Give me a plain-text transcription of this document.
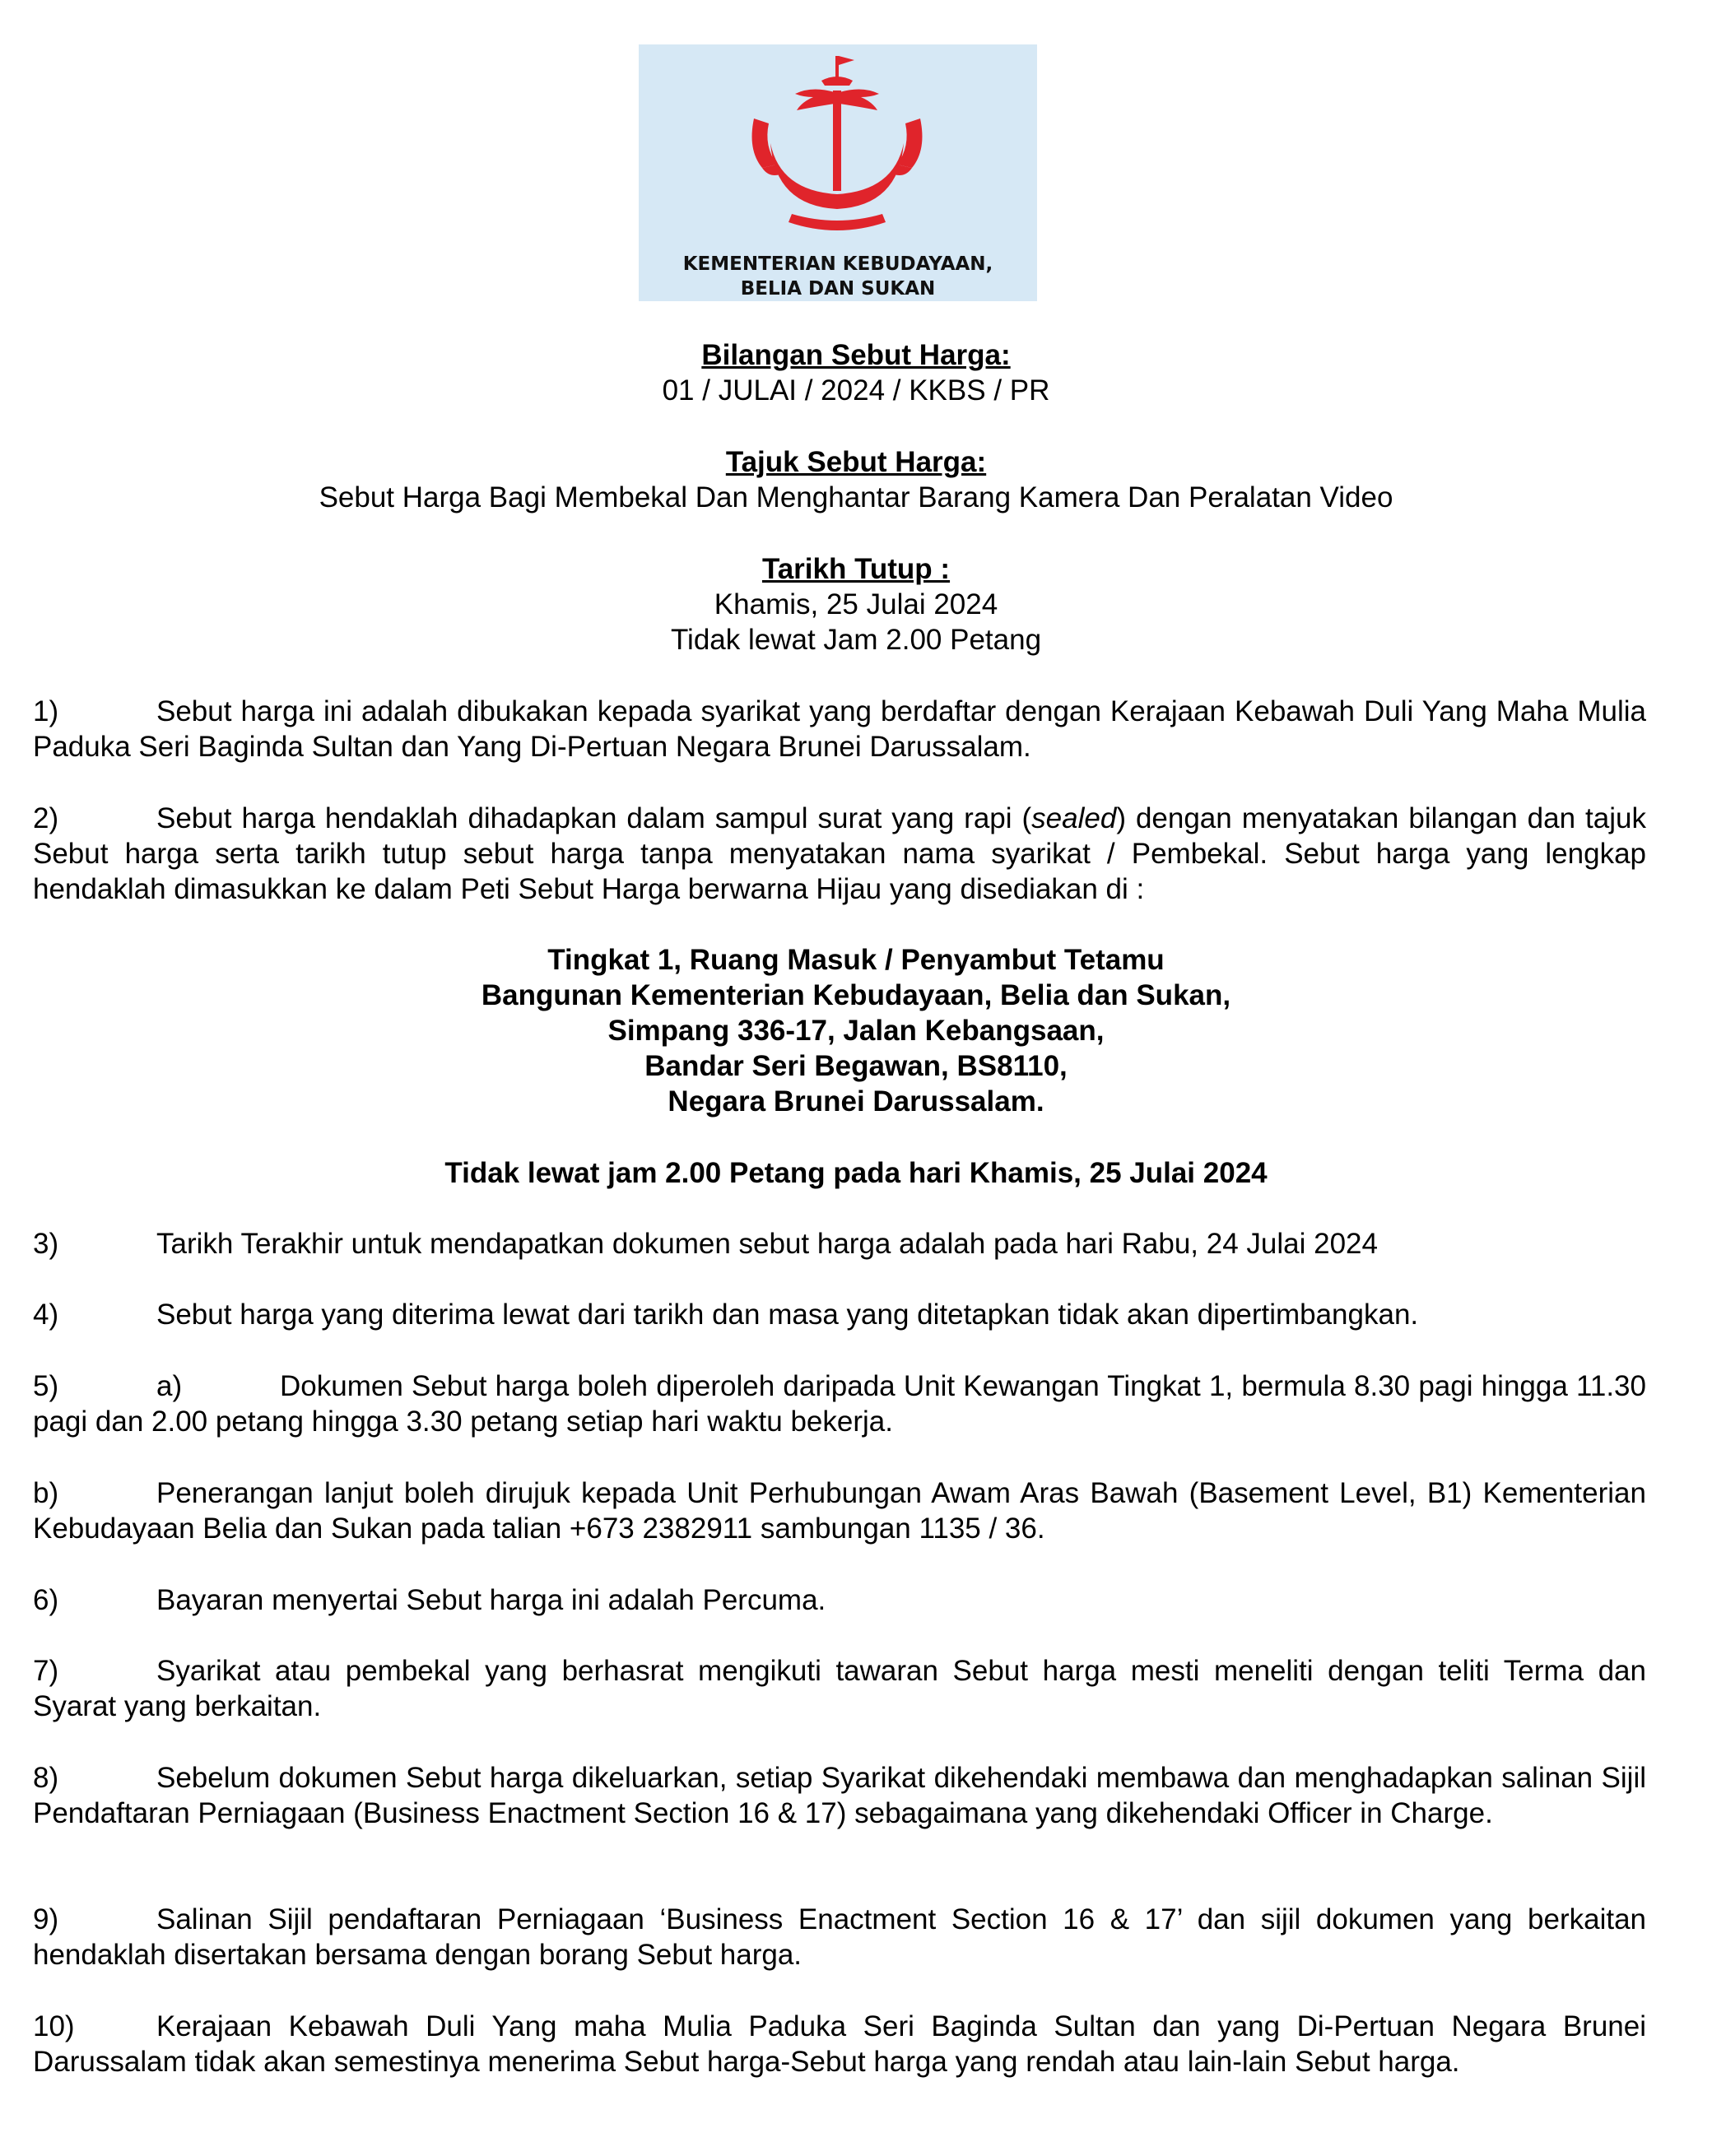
KEMENTERIAN KEBUDAYAAN,
BELIA DAN SUKAN
Bilangan Sebut Harga:
01 / JULAI / 2024 / KKBS / PR
Tajuk Sebut Harga:
Sebut Harga Bagi Membekal Dan Menghantar Barang Kamera Dan Peralatan Video
Tarikh Tutup :
Khamis, 25 Julai 2024
Tidak lewat Jam 2.00 Petang
1)	Sebut harga ini adalah dibukakan kepada syarikat yang berdaftar dengan Kerajaan Kebawah Duli Yang Maha Mulia Paduka Seri Baginda Sultan dan Yang Di-Pertuan Negara Brunei Darussalam.
2)	Sebut harga hendaklah dihadapkan dalam sampul surat yang rapi (sealed) dengan menyatakan bilangan dan tajuk Sebut harga serta tarikh tutup sebut harga tanpa menyatakan nama syarikat / Pembekal. Sebut harga yang lengkap hendaklah dimasukkan ke dalam Peti Sebut Harga berwarna Hijau yang disediakan di :
Tingkat 1, Ruang Masuk / Penyambut Tetamu
Bangunan Kementerian Kebudayaan, Belia dan Sukan,
Simpang 336-17, Jalan Kebangsaan,
Bandar Seri Begawan, BS8110,
Negara Brunei Darussalam.
Tidak lewat jam 2.00 Petang pada hari Khamis, 25 Julai 2024
3)	Tarikh Terakhir untuk mendapatkan dokumen sebut harga adalah pada hari Rabu, 24 Julai 2024
4)	Sebut harga yang diterima lewat dari tarikh dan masa yang ditetapkan tidak akan dipertimbangkan.
5)	a)	Dokumen Sebut harga boleh diperoleh daripada Unit Kewangan Tingkat 1, bermula 8.30 pagi hingga 11.30 pagi dan 2.00 petang hingga 3.30 petang setiap hari waktu bekerja.
b)	Penerangan lanjut boleh dirujuk kepada Unit Perhubungan Awam Aras Bawah (Basement Level, B1) Kementerian Kebudayaan Belia dan Sukan pada talian +673 2382911 sambungan 1135 / 36.
6)	Bayaran menyertai Sebut harga ini adalah Percuma.
7)	Syarikat atau pembekal yang berhasrat mengikuti tawaran Sebut harga mesti meneliti dengan teliti Terma dan Syarat yang berkaitan.
8)	Sebelum dokumen Sebut harga dikeluarkan, setiap Syarikat dikehendaki membawa dan menghadapkan salinan Sijil Pendaftaran Perniagaan (Business Enactment Section 16 & 17) sebagaimana yang dikehendaki Officer in Charge.
9)	Salinan Sijil pendaftaran Perniagaan ‘Business Enactment Section 16 & 17’ dan sijil dokumen yang berkaitan hendaklah disertakan bersama dengan borang Sebut harga.
10)	Kerajaan Kebawah Duli Yang maha Mulia Paduka Seri Baginda Sultan dan yang Di-Pertuan Negara Brunei Darussalam tidak akan semestinya menerima Sebut harga-Sebut harga yang rendah atau lain-lain Sebut harga.
